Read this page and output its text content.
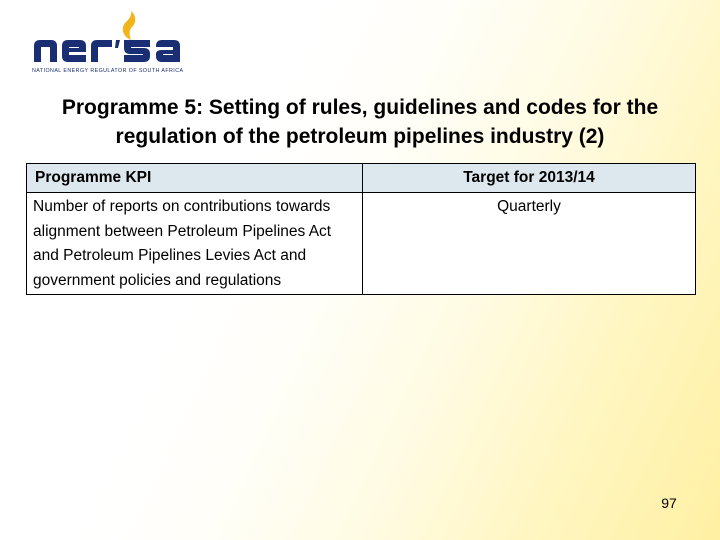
NATIONAL ENERGY REGULATOR OF SOUTH AFRICA
Programme 5: Setting of rules, guidelines and codes for the
regulation of the petroleum pipelines industry (2)
Programme KPI	Target for 2013/14
Number of reports on contributions towards alignment between Petroleum Pipelines Act and Petroleum Pipelines Levies Act and government policies and regulations	Quarterly
97
